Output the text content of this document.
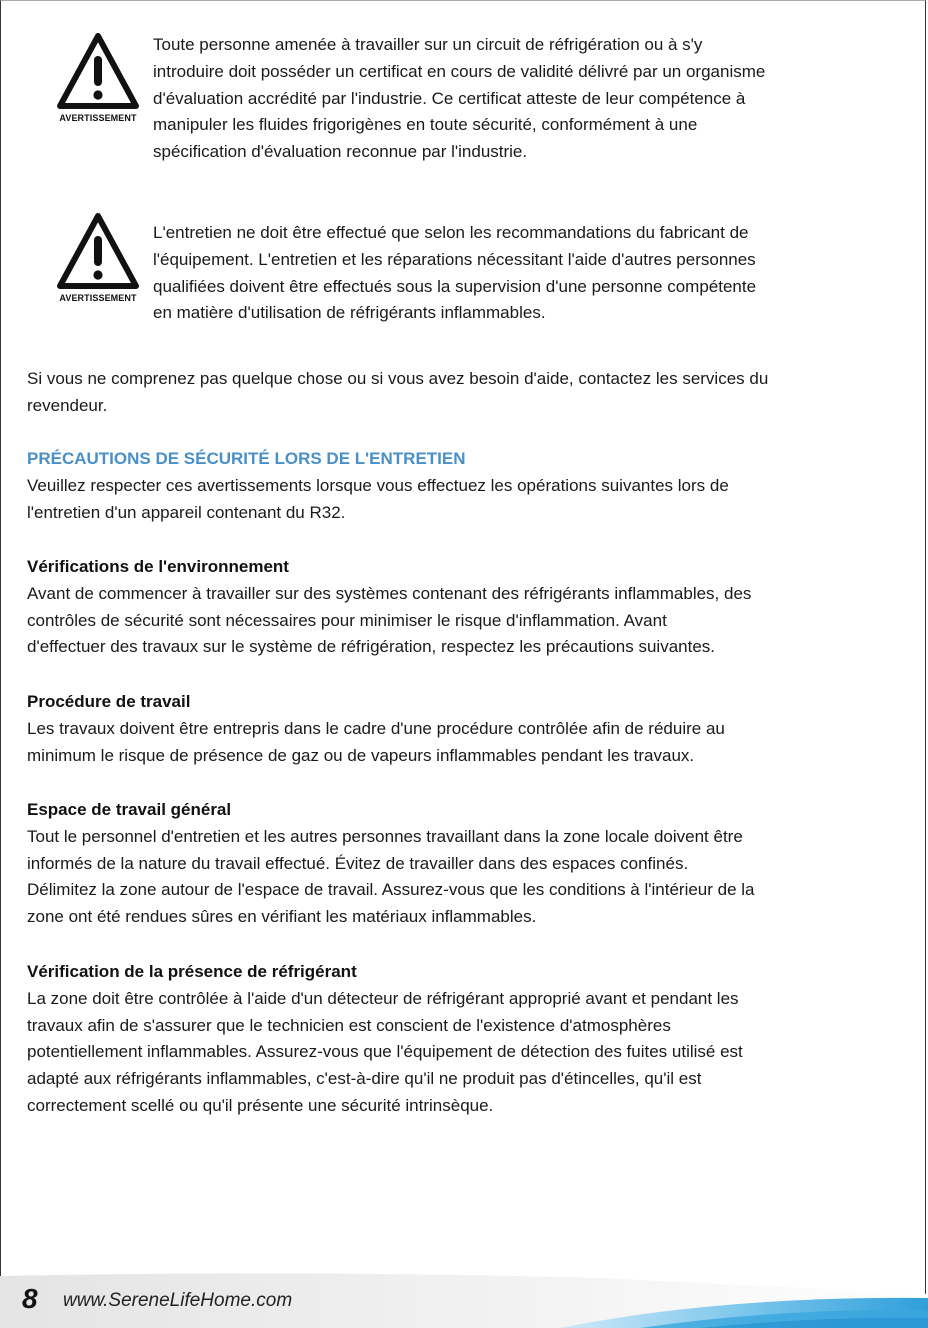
AVERTISSEMENT
Toute personne amenée à travailler sur un circuit de réfrigération ou à s'y
introduire doit posséder un certificat en cours de validité délivré par un organisme
d'évaluation accrédité par l'industrie. Ce certificat atteste de leur compétence à
manipuler les fluides frigorigènes en toute sécurité, conformément à une
spécification d'évaluation reconnue par l'industrie.
AVERTISSEMENT
L'entretien ne doit être effectué que selon les recommandations du fabricant de
l'équipement. L'entretien et les réparations nécessitant l'aide d'autres personnes
qualifiées doivent être effectués sous la supervision d'une personne compétente
en matière d'utilisation de réfrigérants inflammables.
Si vous ne comprenez pas quelque chose ou si vous avez besoin d'aide, contactez les services du
revendeur.
PRÉCAUTIONS DE SÉCURITÉ LORS DE L'ENTRETIEN
Veuillez respecter ces avertissements lorsque vous effectuez les opérations suivantes lors de
l'entretien d'un appareil contenant du R32.
Vérifications de l'environnement
Avant de commencer à travailler sur des systèmes contenant des réfrigérants inflammables, des
contrôles de sécurité sont nécessaires pour minimiser le risque d'inflammation. Avant
d'effectuer des travaux sur le système de réfrigération, respectez les précautions suivantes.
Procédure de travail
Les travaux doivent être entrepris dans le cadre d'une procédure contrôlée afin de réduire au
minimum le risque de présence de gaz ou de vapeurs inflammables pendant les travaux.
Espace de travail général
Tout le personnel d'entretien et les autres personnes travaillant dans la zone locale doivent être
informés de la nature du travail effectué. Évitez de travailler dans des espaces confinés.
Délimitez la zone autour de l'espace de travail. Assurez-vous que les conditions à l'intérieur de la
zone ont été rendues sûres en vérifiant les matériaux inflammables.
Vérification de la présence de réfrigérant
La zone doit être contrôlée à l'aide d'un détecteur de réfrigérant approprié avant et pendant les
travaux afin de s'assurer que le technicien est conscient de l'existence d'atmosphères
potentiellement inflammables. Assurez-vous que l'équipement de détection des fuites utilisé est
adapté aux réfrigérants inflammables, c'est-à-dire qu'il ne produit pas d'étincelles, qu'il est
correctement scellé ou qu'il présente une sécurité intrinsèque.
8 www.SereneLifeHome.com
